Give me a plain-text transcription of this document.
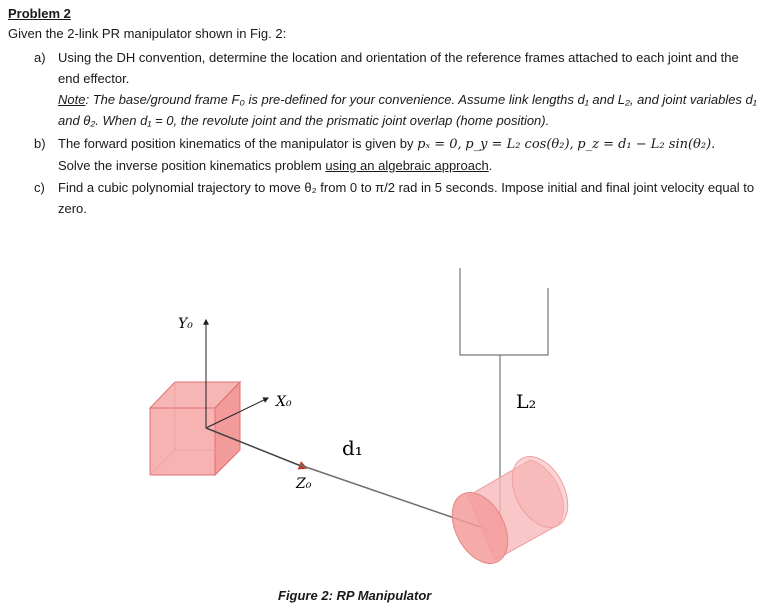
Problem 2
Given the 2-link PR manipulator shown in Fig. 2:
a) Using the DH convention, determine the location and orientation of the reference frames attached to each joint and the end effector.
Note: The base/ground frame F₀ is pre-defined for your convenience. Assume link lengths d₁ and L₂, and joint variables d₁ and θ₂. When d₁ = 0, the revolute joint and the prismatic joint overlap (home position).
b) The forward position kinematics of the manipulator is given by pₓ = 0, p_y = L₂ cos(θ₂), p_z = d₁ − L₂ sin(θ₂).
Solve the inverse position kinematics problem using an algebraic approach.
c)	Find a cubic polynomial trajectory to move θ₂ from 0 to π/2 rad in 5 seconds. Impose initial and final joint velocity equal to zero.
Y₀
X₀
Z₀
d₁
L₂
Figure 2: RP Manipulator
